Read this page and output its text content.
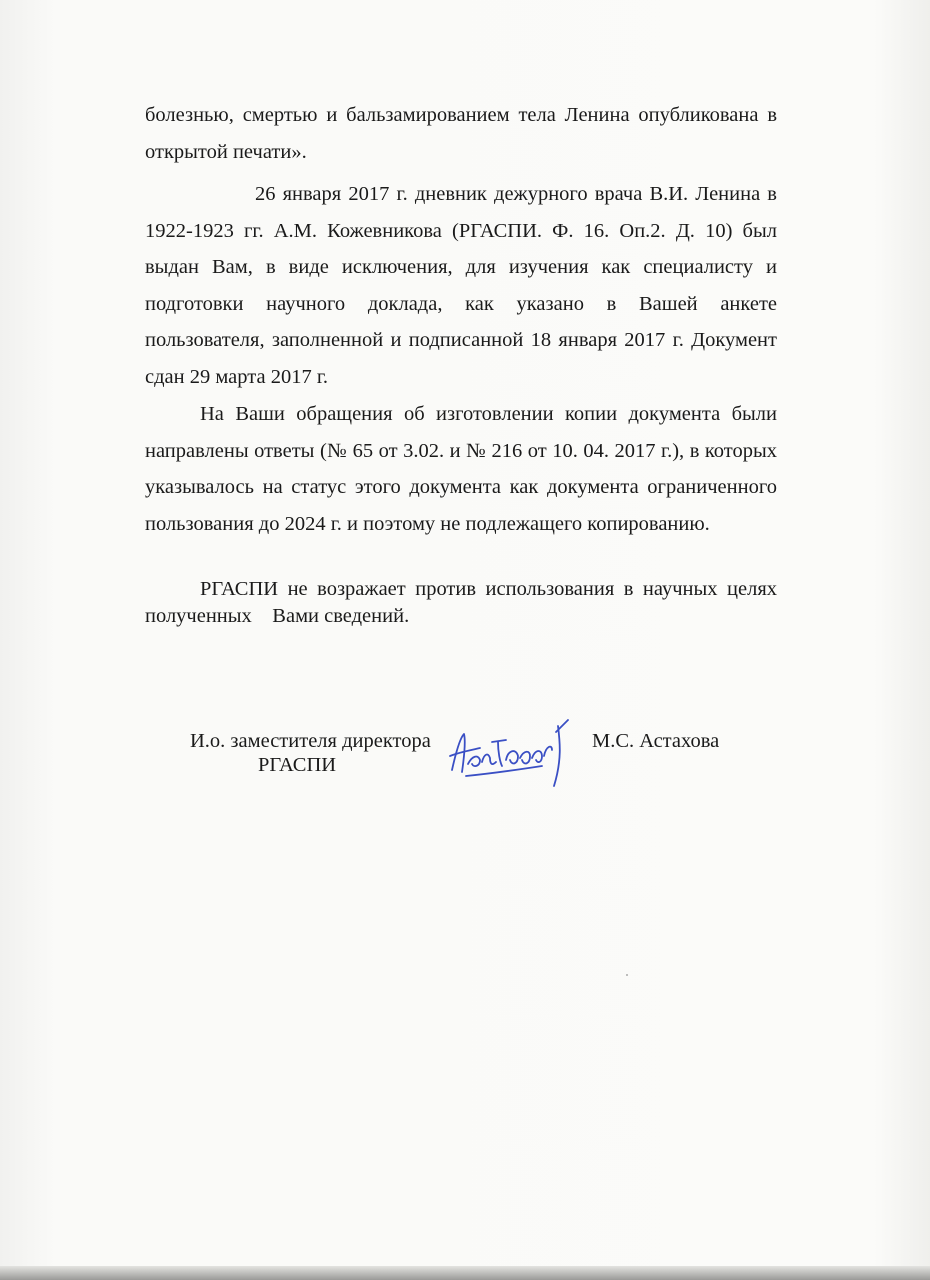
болезнью, смертью и бальзамированием тела Ленина опубликована в открытой печати».

26 января 2017 г. дневник дежурного врача В.И. Ленина в 1922-1923 гг. А.М. Кожевникова (РГАСПИ. Ф. 16. Оп.2. Д. 10) был выдан Вам, в виде исключения, для изучения как специалисту и подготовки научного доклада, как указано в Вашей анкете пользователя, заполненной и подписанной 18 января 2017 г. Документ сдан 29 марта 2017 г.

На Ваши обращения об изготовлении копии документа были направлены ответы (№ 65 от 3.02. и № 216 от 10. 04. 2017 г.), в которых указывалось на статус этого документа как документа ограниченного пользования до 2024 г. и поэтому не подлежащего копированию.

РГАСПИ не возражает против использования в научных целях полученных    Вами сведений.

И.о. заместителя директора

РГАСПИ

М.С. Астахова
